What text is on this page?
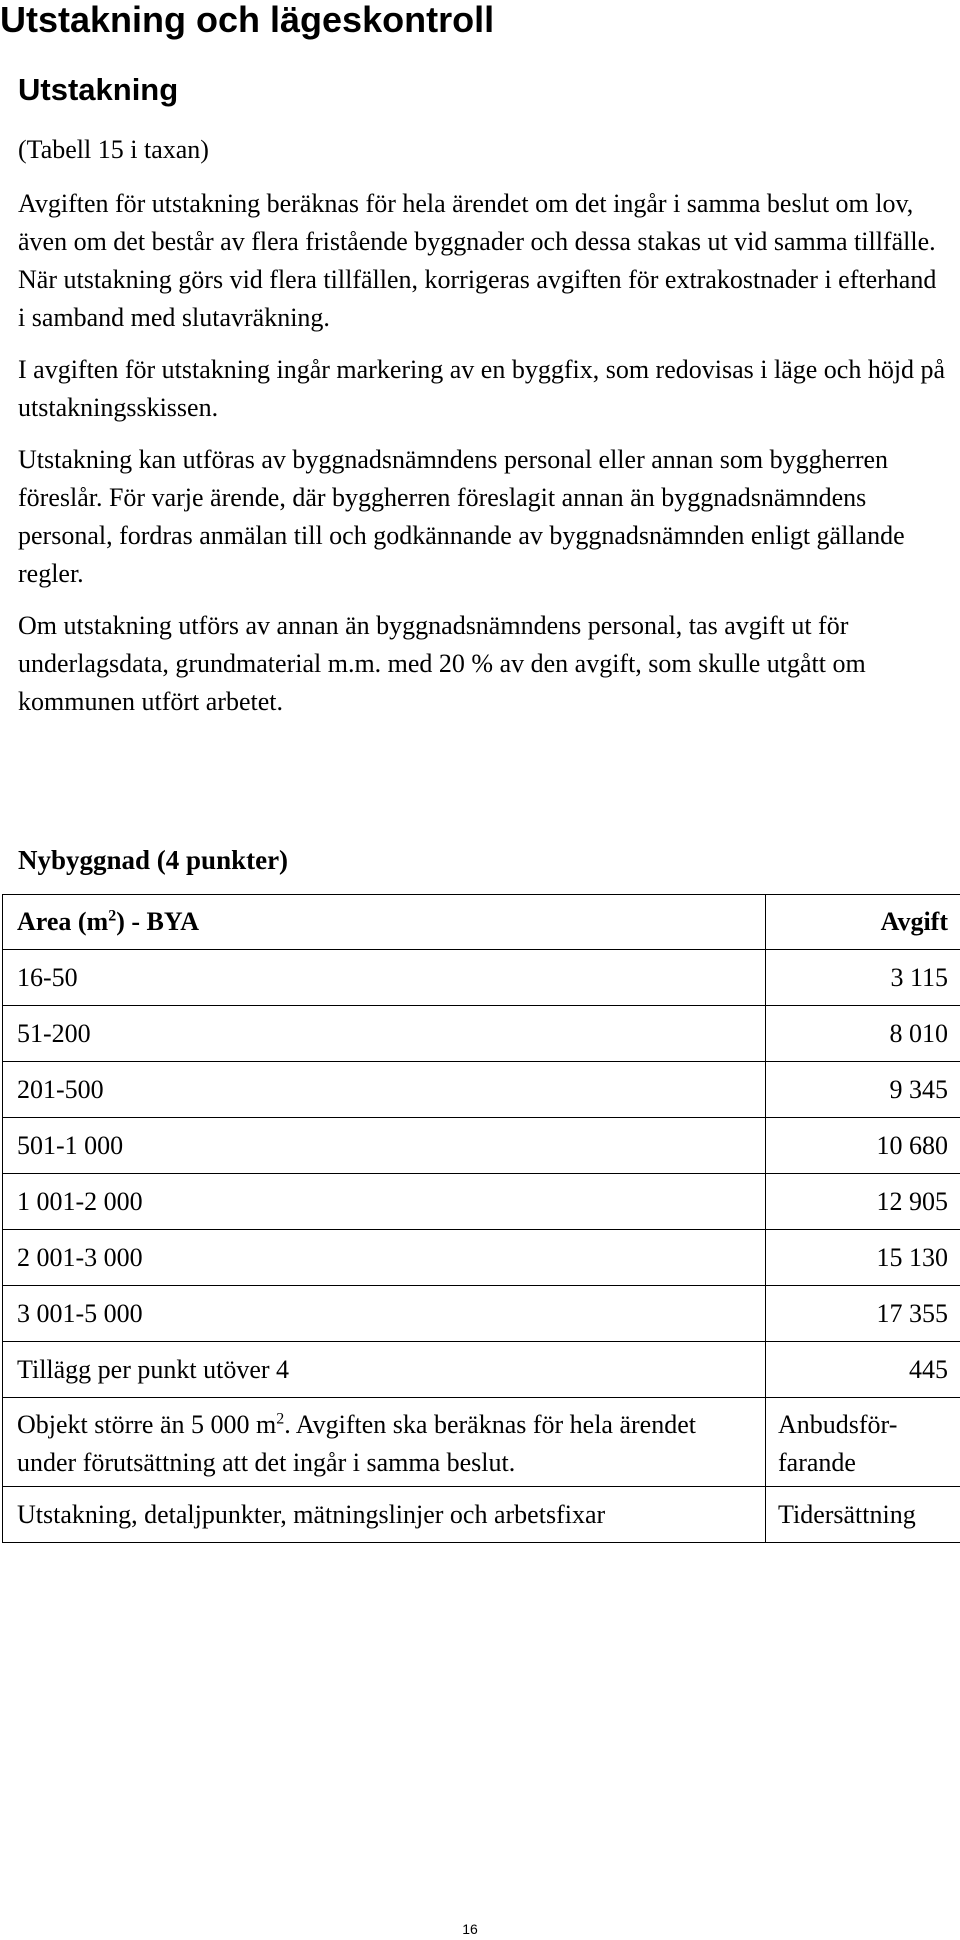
Utstakning och lägeskontroll
Utstakning
(Tabell 15 i taxan)

Avgiften för utstakning beräknas för hela ärendet om det ingår i samma beslut om lov, även om det består av flera fristående byggnader och dessa stakas ut vid samma tillfälle. När utstakning görs vid flera tillfällen, korrigeras avgiften för extrakostnader i efterhand i samband med slutavräkning.

I avgiften för utstakning ingår markering av en byggfix, som redovisas i läge och höjd på utstakningsskissen.

Utstakning kan utföras av byggnadsnämndens personal eller annan som byggherren föreslår. För varje ärende, där byggherren föreslagit annan än byggnadsnämndens personal, fordras anmälan till och godkännande av byggnadsnämnden enligt gällande regler.

Om utstakning utförs av annan än byggnadsnämndens personal, tas avgift ut för underlagsdata, grundmaterial m.m. med 20 % av den avgift, som skulle utgått om kommunen utfört arbetet.

Nybyggnad (4 punkter)
Area $(m^2)$ - BYA	Avgift
16-50	3 115
51-200	8 010
201-500	9 345
501-1 000	10 680
1 001-2 000	12 905
2 001-3 000	15 130
3 001-5 000	17 355
Tillägg per punkt utöver 4	445
Objekt större än 5 000 $m^2$. Avgiften ska beräknas för hela ärendet under förutsättning att det ingår i samma beslut.	Anbudsför-
farande
Utstakning, detaljpunkter, mätningslinjer och arbetsfixar	Tidersättning
16
